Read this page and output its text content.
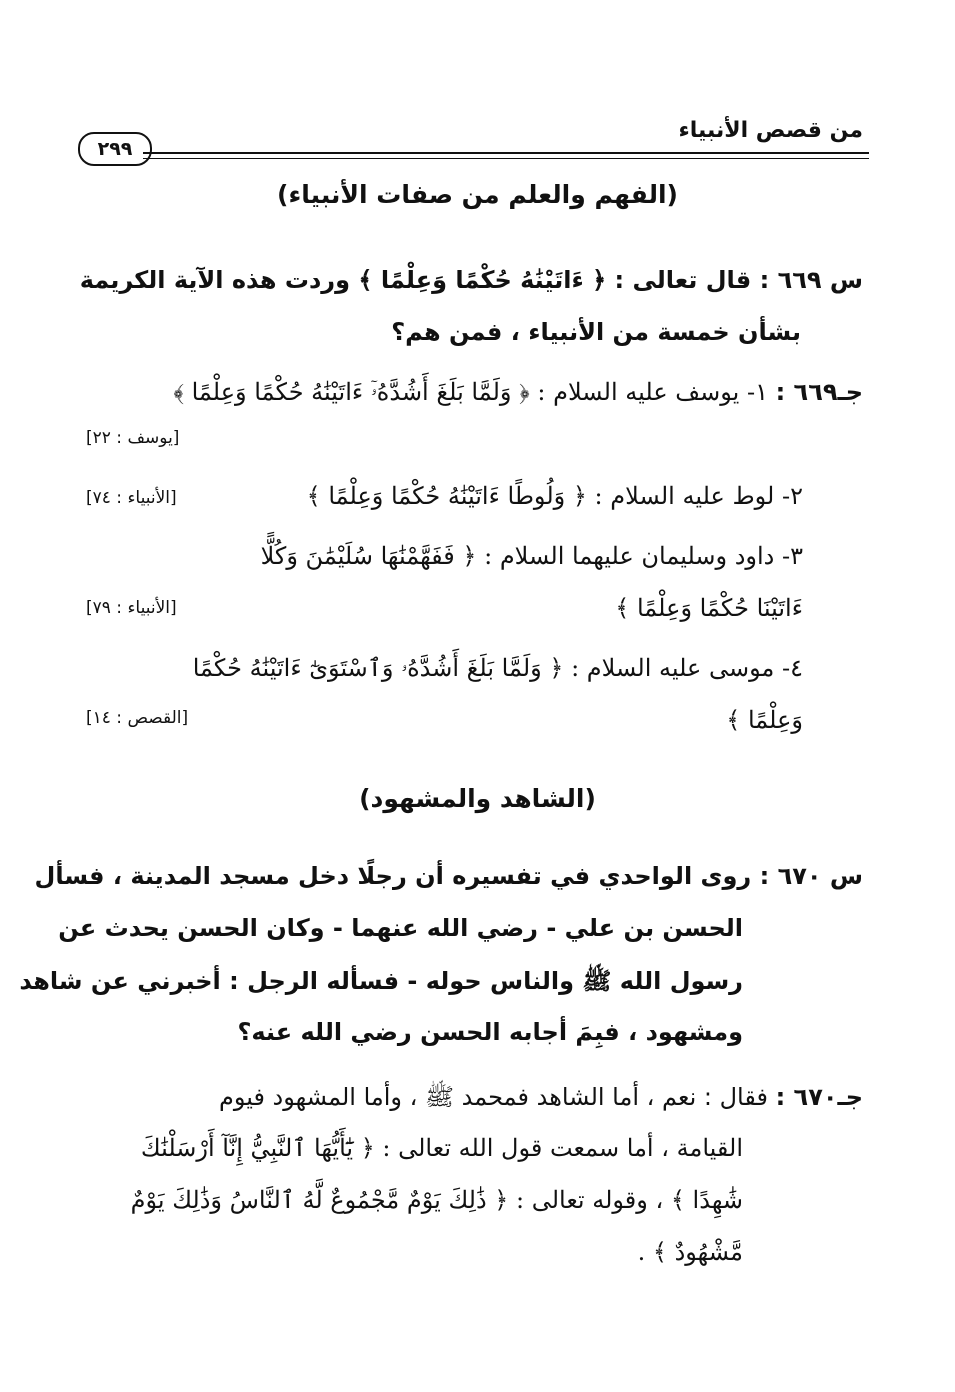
من قصص الأنبياء
٢٩٩
(الفهم والعلم من صفات الأنبياء)
س ٦٦٩ : قال تعالى : ﴿ ءَاتَيْنَٰهُ حُكْمًا وَعِلْمًا ﴾ وردت هذه الآية الكريمة
بشأن خمسة من الأنبياء ، فمن هم؟
جـ٦٦٩ : ١- يوسف عليه السلام : ﴿ وَلَمَّا بَلَغَ أَشُدَّهُۥٓ ءَاتَيْنَٰهُ حُكْمًا وَعِلْمًا ﴾
[يوسف : ٢٢]
٢- لوط عليه السلام : ﴿ وَلُوطًا ءَاتَيْنَٰهُ حُكْمًا وَعِلْمًا ﴾
[الأنبياء : ٧٤]
٣- داود وسليمان عليهما السلام : ﴿ فَفَهَّمْنَٰهَا سُلَيْمَٰنَ وَكُلًّا
ءَاتَيْنَا حُكْمًا وَعِلْمًا ﴾
[الأنبياء : ٧٩]
٤- موسى عليه السلام : ﴿ وَلَمَّا بَلَغَ أَشُدَّهُۥ وَٱسْتَوَىٰٓ ءَاتَيْنَٰهُ حُكْمًا
وَعِلْمًا ﴾
[القصص : ١٤]
(الشاهد والمشهود)
س ٦٧٠ : روى الواحدي في تفسيره أن رجلًا دخل مسجد المدينة ، فسأل
الحسن بن علي - رضي الله عنهما - وكان الحسن يحدث عن
رسول الله ﷺ والناس حوله - فسأله الرجل : أخبرني عن شاهد
ومشهود ، فبِمَ أجابه الحسن رضي الله عنه؟
جـ٦٧٠ : فقال : نعم ، أما الشاهد فمحمد ﷺ ، وأما المشهود فيوم
القيامة ، أما سمعت قول الله تعالى : ﴿ يَٰٓأَيُّهَا ٱلنَّبِيُّ إِنَّآ أَرْسَلْنَٰكَ
شَٰهِدًا ﴾ ، وقوله تعالى : ﴿ ذَٰلِكَ يَوْمٌ مَّجْمُوعٌ لَّهُ ٱلنَّاسُ وَذَٰلِكَ يَوْمٌ
مَّشْهُودٌ ﴾ .
